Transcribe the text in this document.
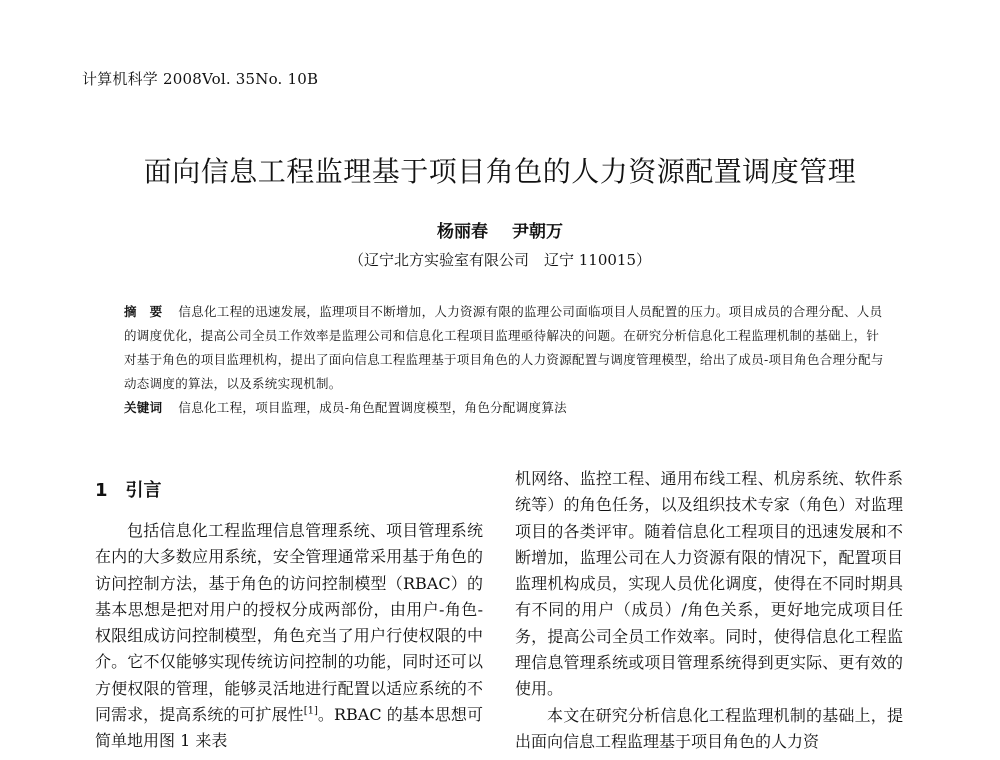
计算机科学 2008Vol. 35No. 10B
面向信息工程监理基于项目角色的人力资源配置调度管理
杨丽春 尹朝万
（辽宁北方实验室有限公司　辽宁 110015）

摘　要 信息化工程的迅速发展，监理项目不断增加，人力资源有限的监理公司面临项目人员配置的压力。项目成员的合理分配、人员的调度优化，提高公司全员工作效率是监理公司和信息化工程项目监理亟待解决的问题。在研究分析信息化工程监理机制的基础上，针对基于角色的项目监理机构，提出了面向信息工程监理基于项目角色的人力资源配置与调度管理模型，给出了成员-项目角色合理分配与动态调度的算法，以及系统实现机制。

关键词 信息化工程，项目监理，成员-角色配置调度模型，角色分配调度算法

1 引言

包括信息化工程监理信息管理系统、项目管理系统在内的大多数应用系统，安全管理通常采用基于角色的访问控制方法，基于角色的访问控制模型（RBAC）的基本思想是把对用户的授权分成两部份，由用户-角色-权限组成访问控制模型，角色充当了用户行使权限的中介。它不仅能够实现传统访问控制的功能，同时还可以方便权限的管理，能够灵活地进行配置以适应系统的不同需求，提高系统的可扩展性[1]。RBAC 的基本思想可简单地用图 1 来表

机网络、监控工程、通用布线工程、机房系统、软件系统等）的角色任务，以及组织技术专家（角色）对监理项目的各类评审。随着信息化工程项目的迅速发展和不断增加，监理公司在人力资源有限的情况下，配置项目监理机构成员，实现人员优化调度，使得在不同时期具有不同的用户（成员）/角色关系，更好地完成项目任务，提高公司全员工作效率。同时，使得信息化工程监理信息管理系统或项目管理系统得到更实际、更有效的使用。

本文在研究分析信息化工程监理机制的基础上，提出面向信息工程监理基于项目角色的人力资
